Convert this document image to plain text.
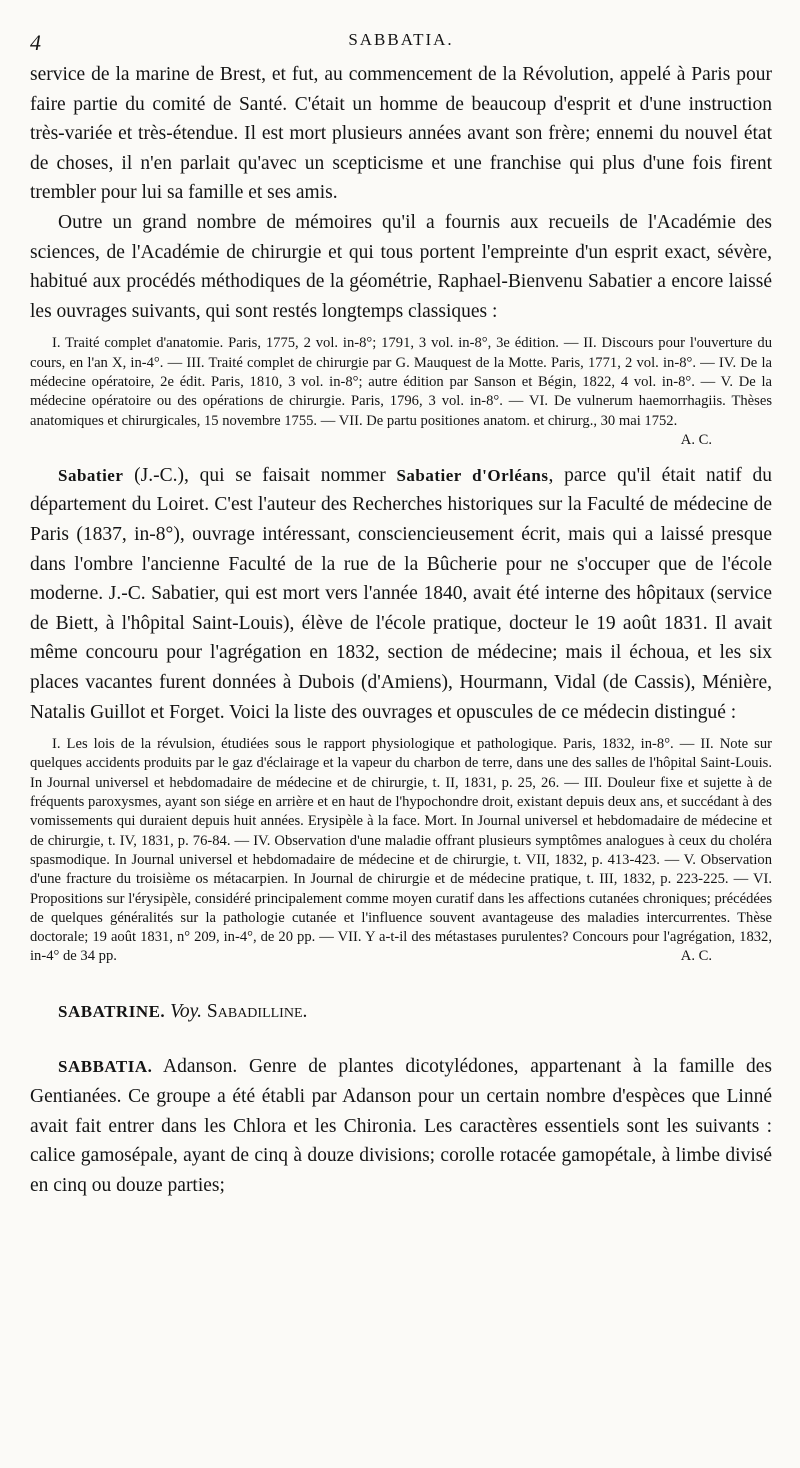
4	SABBATIA.

service de la marine de Brest, et fut, au commencement de la Révolution, appelé à Paris pour faire partie du comité de Santé. C'était un homme de beaucoup d'esprit et d'une instruction très-variée et très-étendue. Il est mort plusieurs années avant son frère; ennemi du nouvel état de choses, il n'en parlait qu'avec un scepticisme et une franchise qui plus d'une fois firent trembler pour lui sa famille et ses amis.

Outre un grand nombre de mémoires qu'il a fournis aux recueils de l'Académie des sciences, de l'Académie de chirurgie et qui tous portent l'empreinte d'un esprit exact, sévère, habitué aux procédés méthodiques de la géométrie, Raphael-Bienvenu Sabatier a encore laissé les ouvrages suivants, qui sont restés longtemps classiques :

I. Traité complet d'anatomie. Paris, 1775, 2 vol. in-8°; 1791, 3 vol. in-8°, 3e édition. — II. Discours pour l'ouverture du cours, en l'an X, in-4°. — III. Traité complet de chirurgie par G. Mauquest de la Motte. Paris, 1771, 2 vol. in-8°. — IV. De la médecine opératoire, 2e édit. Paris, 1810, 3 vol. in-8°; autre édition par Sanson et Bégin, 1822, 4 vol. in-8°. — V. De la médecine opératoire ou des opérations de chirurgie. Paris, 1796, 3 vol. in-8°. — VI. De vulnerum haemorrhagiis. Thèses anatomiques et chirurgicales, 15 novembre 1755. — VII. De partu positiones anatom. et chirurg., 30 mai 1752.
A. C.

Sabatier (J.-C.), qui se faisait nommer Sabatier d'Orléans, parce qu'il était natif du département du Loiret. C'est l'auteur des Recherches historiques sur la Faculté de médecine de Paris (1837, in-8°), ouvrage intéressant, consciencieusement écrit, mais qui a laissé presque dans l'ombre l'ancienne Faculté de la rue de la Bûcherie pour ne s'occuper que de l'école moderne. J.-C. Sabatier, qui est mort vers l'année 1840, avait été interne des hôpitaux (service de Biett, à l'hôpital Saint-Louis), élève de l'école pratique, docteur le 19 août 1831. Il avait même concouru pour l'agrégation en 1832, section de médecine; mais il échoua, et les six places vacantes furent données à Dubois (d'Amiens), Hourmann, Vidal (de Cassis), Ménière, Natalis Guillot et Forget. Voici la liste des ouvrages et opuscules de ce médecin distingué :

I. Les lois de la révulsion, étudiées sous le rapport physiologique et pathologique. Paris, 1832, in-8°. — II. Note sur quelques accidents produits par le gaz d'éclairage et la vapeur du charbon de terre, dans une des salles de l'hôpital Saint-Louis. In Journal universel et hebdomadaire de médecine et de chirurgie, t. II, 1831, p. 25, 26. — III. Douleur fixe et sujette à de fréquents paroxysmes, ayant son siége en arrière et en haut de l'hypochondre droit, existant depuis deux ans, et succédant à des vomissements qui duraient depuis huit années. Erysipèle à la face. Mort. In Journal universel et hebdomadaire de médecine et de chirurgie, t. IV, 1831, p. 76-84. — IV. Observation d'une maladie offrant plusieurs symptômes analogues à ceux du choléra spasmodique. In Journal universel et hebdomadaire de médecine et de chirurgie, t. VII, 1832, p. 413-423. — V. Observation d'une fracture du troisième os métacarpien. In Journal de chirurgie et de médecine pratique, t. III, 1832, p. 223-225. — VI. Propositions sur l'érysipèle, considéré principalement comme moyen curatif dans les affections cutanées chroniques; précédées de quelques généralités sur la pathologie cutanée et l'influence souvent avantageuse des maladies intercurrentes. Thèse doctorale; 19 août 1831, n° 209, in-4°, de 20 pp. — VII. Y a-t-il des métastases purulentes? Concours pour l'agrégation, 1832, in-4° de 34 pp.	A. C.

SABATRINE. Voy. Sabadilline.

SABBATIA. Adanson. Genre de plantes dicotylédones, appartenant à la famille des Gentianées. Ce groupe a été établi par Adanson pour un certain nombre d'espèces que Linné avait fait entrer dans les Chlora et les Chironia. Les caractères essentiels sont les suivants : calice gamosépale, ayant de cinq à douze divisions; corolle rotacée gamopétale, à limbe divisé en cinq ou douze parties;
